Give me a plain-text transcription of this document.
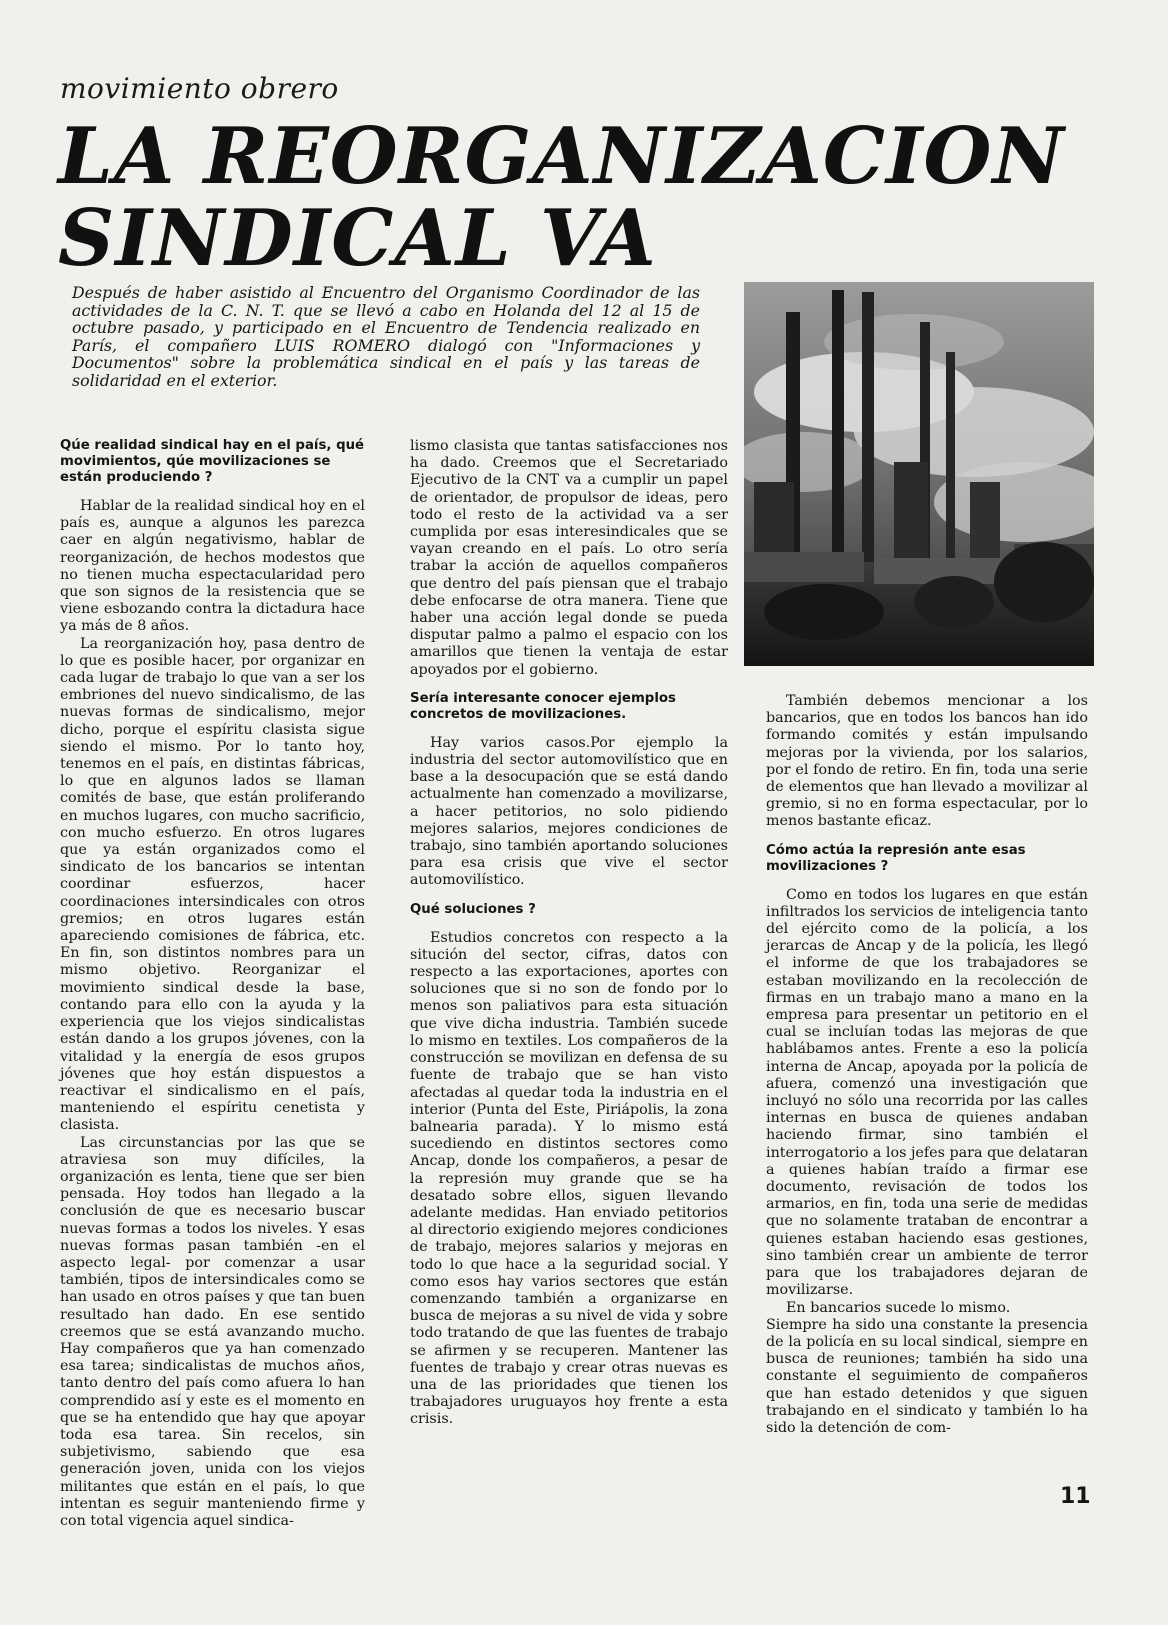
movimiento obrero
LA REORGANIZACION
SINDICAL VA
Después de haber asistido al Encuentro del Organismo Coordinador de las actividades de la C. N. T. que se llevó a cabo en Holanda del 12 al 15 de octubre pasado, y participado en el Encuentro de Tendencia realizado en París, el compañero LUIS ROMERO dialogó con "Informaciones y Documentos" sobre la problemática sindical en el país y las tareas de solidaridad en el exterior.
Qúe realidad sindical hay en el país, qué movimientos, qúe movilizaciones se están produciendo ?

Hablar de la realidad sindical hoy en el país es, aunque a algunos les parezca caer en algún negativismo, hablar de reorganización, de hechos modestos que no tienen mucha espectacularidad pero que son signos de la resistencia que se viene esbozando contra la dictadura hace ya más de 8 años.

La reorganización hoy, pasa dentro de lo que es posible hacer, por organizar en cada lugar de trabajo lo que van a ser los embriones del nuevo sindicalismo, de las nuevas formas de sindicalismo, mejor dicho, porque el espíritu clasista sigue siendo el mismo. Por lo tanto hoy, tenemos en el país, en distintas fábricas, lo que en algunos lados se llaman comités de base, que están proliferando en muchos lugares, con mucho sacrificio, con mucho esfuerzo. En otros lugares que ya están organizados como el sindicato de los bancarios se intentan coordinar esfuerzos, hacer coordinaciones intersindicales con otros gremios; en otros lugares están apareciendo comisiones de fábrica, etc. En fin, son distintos nombres para un mismo objetivo. Reorganizar el movimiento sindical desde la base, contando para ello con la ayuda y la experiencia que los viejos sindicalistas están dando a los grupos jóvenes, con la vitalidad y la energía de esos grupos jóvenes que hoy están dispuestos a reactivar el sindicalismo en el país, manteniendo el espíritu cenetista y clasista.

Las circunstancias por las que se atraviesa son muy difíciles, la organización es lenta, tiene que ser bien pensada. Hoy todos han llegado a la conclusión de que es necesario buscar nuevas formas a todos los niveles. Y esas nuevas formas pasan también -en el aspecto legal- por comenzar a usar también, tipos de intersindicales como se han usado en otros países y que tan buen resultado han dado. En ese sentido creemos que se está avanzando mucho. Hay compañeros que ya han comenzado esa tarea; sindicalistas de muchos años, tanto dentro del país como afuera lo han comprendido así y este es el momento en que se ha entendido que hay que apoyar toda esa tarea. Sin recelos, sin subjetivismo, sabiendo que esa generación joven, unida con los viejos militantes que están en el país, lo que intentan es seguir manteniendo firme y con total vigencia aquel sindica-

lismo clasista que tantas satisfacciones nos ha dado. Creemos que el Secretariado Ejecutivo de la CNT va a cumplir un papel de orientador, de propulsor de ideas, pero todo el resto de la actividad va a ser cumplida por esas interesindicales que se vayan creando en el país. Lo otro sería trabar la acción de aquellos compañeros que dentro del país piensan que el trabajo debe enfocarse de otra manera. Tiene que haber una acción legal donde se pueda disputar palmo a palmo el espacio con los amarillos que tienen la ventaja de estar apoyados por el gobierno.

Sería interesante conocer ejemplos concretos de movilizaciones.

Hay varios casos.Por ejemplo la industria del sector automovilístico que en base a la desocupación que se está dando actualmente han comenzado a movilizarse, a hacer petitorios, no solo pidiendo mejores salarios, mejores condiciones de trabajo, sino también aportando soluciones para esa crisis que vive el sector automovilístico.

Qué soluciones ?

Estudios concretos con respecto a la situción del sector, cifras, datos con respecto a las exportaciones, aportes con soluciones que si no son de fondo por lo menos son paliativos para esta situación que vive dicha industria. También sucede lo mismo en textiles. Los compañeros de la construcción se movilizan en defensa de su fuente de trabajo que se han visto afectadas al quedar toda la industria en el interior (Punta del Este, Piriápolis, la zona balnearia parada). Y lo mismo está sucediendo en distintos sectores como Ancap, donde los compañeros, a pesar de la represión muy grande que se ha desatado sobre ellos, siguen llevando adelante medidas. Han enviado petitorios al directorio exigiendo mejores condiciones de trabajo, mejores salarios y mejoras en todo lo que hace a la seguridad social. Y como esos hay varios sectores que están comenzando también a organizarse en busca de mejoras a su nivel de vida y sobre todo tratando de que las fuentes de trabajo se afirmen y se recuperen. Mantener las fuentes de trabajo y crear otras nuevas es una de las prioridades que tienen los trabajadores uruguayos hoy frente a esta crisis.

También debemos mencionar a los bancarios, que en todos los bancos han ido formando comités y están impulsando mejoras por la vivienda, por los salarios, por el fondo de retiro. En fin, toda una serie de elementos que han llevado a movilizar al gremio, si no en forma espectacular, por lo menos bastante eficaz.

Cómo actúa la represión ante esas movilizaciones ?

Como en todos los lugares en que están infiltrados los servicios de inteligencia tanto del ejército como de la policía, a los jerarcas de Ancap y de la policía, les llegó el informe de que los trabajadores se estaban movilizando en la recolección de firmas en un trabajo mano a mano en la empresa para presentar un petitorio en el cual se incluían todas las mejoras de que hablábamos antes. Frente a eso la policía interna de Ancap, apoyada por la policía de afuera, comenzó una investigación que incluyó no sólo una recorrida por las calles internas en busca de quienes andaban haciendo firmar, sino también el interrogatorio a los jefes para que delataran a quienes habían traído a firmar ese documento, revisación de todos los armarios, en fin, toda una serie de medidas que no solamente trataban de encontrar a quienes estaban haciendo esas gestiones, sino también crear un ambiente de terror para que los trabajadores dejaran de movilizarse.

En bancarios sucede lo mismo.

Siempre ha sido una constante la presencia de la policía en su local sindical, siempre en busca de reuniones; también ha sido una constante el seguimiento de compañeros que han estado detenidos y que siguen trabajando en el sindicato y también lo ha sido la detención de com-

11
